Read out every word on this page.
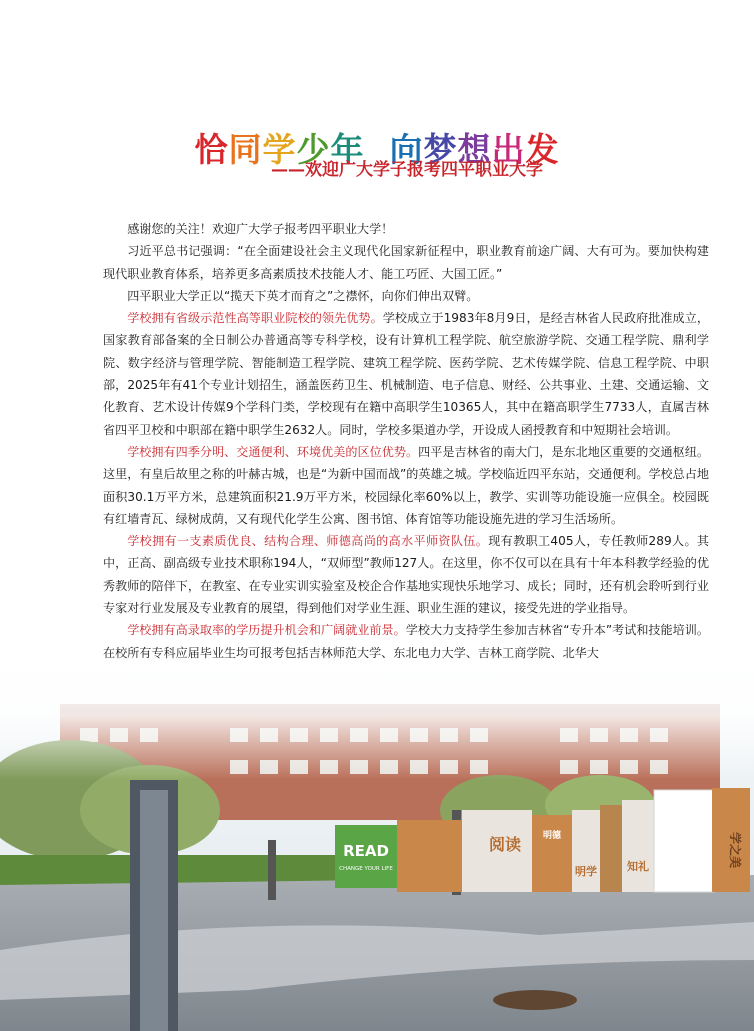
恰同学少年 向梦想出发
——欢迎广大学子报考四平职业大学

感谢您的关注！欢迎广大学子报考四平职业大学！

习近平总书记强调：“在全面建设社会主义现代化国家新征程中，职业教育前途广阔、大有可为。要加快构建现代职业教育体系，培养更多高素质技术技能人才、能工巧匠、大国工匠。”

四平职业大学正以“揽天下英才而育之”之襟怀，向你们伸出双臂。

学校拥有省级示范性高等职业院校的领先优势。学校成立于1983年8月9日，是经吉林省人民政府批准成立，国家教育部备案的全日制公办普通高等专科学校，设有计算机工程学院、航空旅游学院、交通工程学院、鼎利学院、数字经济与管理学院、智能制造工程学院、建筑工程学院、医药学院、艺术传媒学院、信息工程学院、中职部，2025年有41个专业计划招生，涵盖医药卫生、机械制造、电子信息、财经、公共事业、土建、交通运输、文化教育、艺术设计传媒9个学科门类，学校现有在籍中高职学生10365人，其中在籍高职学生7733人，直属吉林省四平卫校和中职部在籍中职学生2632人。同时，学校多渠道办学，开设成人函授教育和中短期社会培训。

学校拥有四季分明、交通便利、环境优美的区位优势。四平是吉林省的南大门，是东北地区重要的交通枢纽。这里，有皇后故里之称的叶赫古城，也是“为新中国而战”的英雄之城。学校临近四平东站，交通便利。学校总占地面积30.1万平方米，总建筑面积21.9万平方米，校园绿化率60%以上，教学、实训等功能设施一应俱全。校园既有红墙青瓦、绿树成荫，又有现代化学生公寓、图书馆、体育馆等功能设施先进的学习生活场所。

学校拥有一支素质优良、结构合理、师德高尚的高水平师资队伍。现有教职工405人，专任教师289人。其中，正高、副高级专业技术职称194人，“双师型”教师127人。在这里，你不仅可以在具有十年本科教学经验的优秀教师的陪伴下，在教室、在专业实训实验室及校企合作基地实现快乐地学习、成长；同时，还有机会聆听到行业专家对行业发展及专业教育的展望，得到他们对学业生涯、职业生涯的建议，接受先进的学业指导。

学校拥有高录取率的学历提升机会和广阔就业前景。学校大力支持学生参加吉林省“专升本”考试和技能培训。在校所有专科应届毕业生均可报考包括吉林师范大学、东北电力大学、吉林工商学院、北华大

READ
CHANGE YOUR LIFE
阅读
明学	知礼
明德	学之美
